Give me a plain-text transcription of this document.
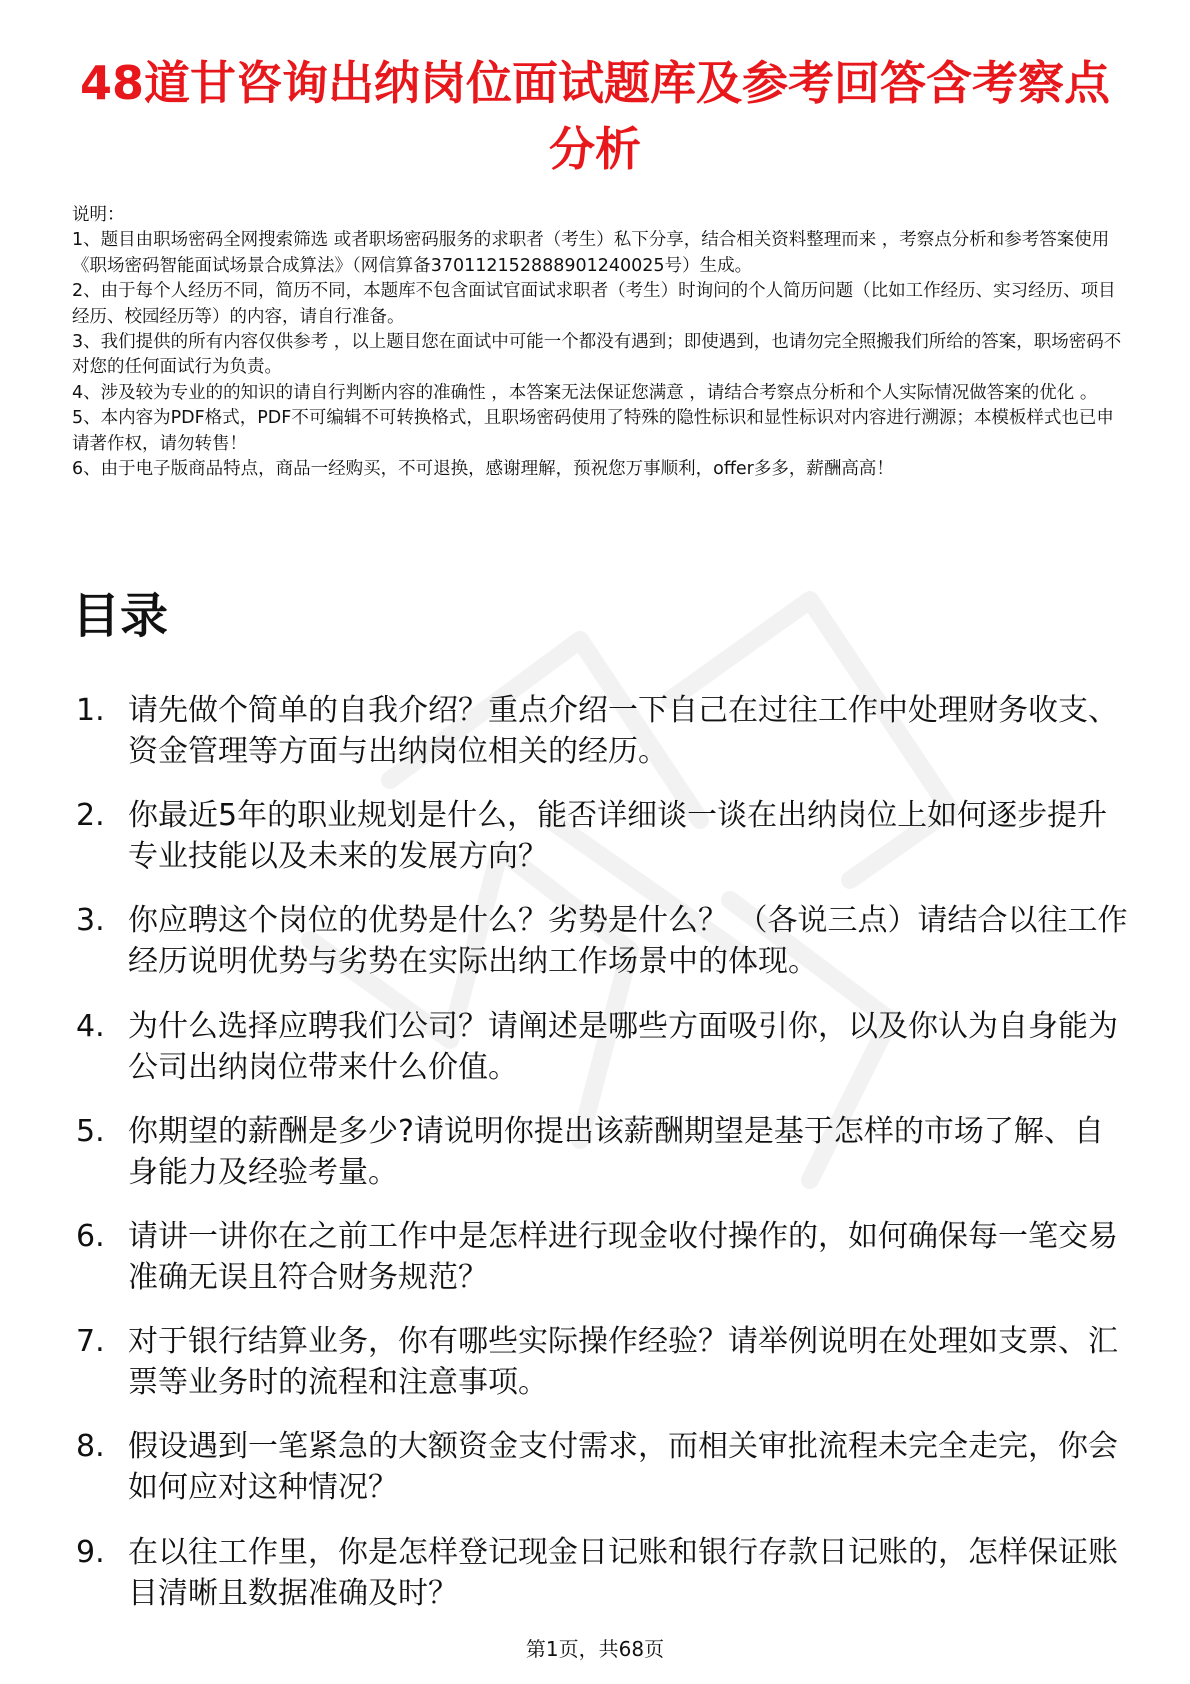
48道甘咨询出纳岗位面试题库及参考回答含考察点分析

说明：

1、题目由职场密码全网搜索筛选 或者职场密码服务的求职者（考生）私下分享，结合相关资料整理而来 ，考察点分析和参考答案使用《职场密码智能面试场景合成算法》（网信算备3701121528889012400​25号）生成。

2、由于每个人经历不同，简历不同，本题库不包含面试官面试求职者（考生）时询问的个人简历问题（比如工作经历、实习经历、项目经历、校园经历等）的内容，请自行准备。

3、我们提供的所有内容仅供参考 ，以上题目您在面试中可能一个都没有遇到；即使遇到，也请勿完全照搬我们所给的答案，职场密码不对您的任何面试行为负责。

4、涉及较为专业的的知识的请自行判断内容的准确性 ，本答案无法保证您满意 ，请结合考察点分析和个人实际情况做答案的优化 。

5、本内容为PDF格式，PDF不可编辑不可转换格式，且职场密码使用了特殊的隐性标识和显性标识对内容进行溯源；本模板样式也已申请著作权，请勿转售！

6、由于电子版商品特点，商品一经购买，不可退换，感谢理解，预祝您万事顺利，offer多多，薪酬高高！

目录
1. 请先做个简单的自我介绍？重点介绍一下自己在过往工作中处理财务收支、资金管理等方面与出纳岗位相关的经历。
2. 你最近5年的职业规划是什么，能否详细谈一谈在出纳岗位上如何逐步提升专业技能以及未来的发展方向？
3. 你应聘这个岗位的优势是什么？劣势是什么？ （各说三点）请结合以往工作经历说明优势与劣势在实际出纳工作场景中的体现。
4. 为什么选择应聘我们公司？请阐述是哪些方面吸引你，以及你认为自身能为公司出纳岗位带来什么价值。
5. 你期望的薪酬是多少?请说明你提出该薪酬期望是基于怎样的市场了解、自身能力及经验考量。
6. 请讲一讲你在之前工作中是怎样进行现金收付操作的，如何确保每一笔交易准确无误且符合财务规范？
7. 对于银行结算业务，你有哪些实际操作经验？请举例说明在处理如支票、汇票等业务时的流程和注意事项。
8. 假设遇到一笔紧急的大额资金支付需求，而相关审批流程未完全走完，你会如何应对这种情况？
9. 在以往工作里，你是怎样登记现金日记账和银行存款日记账的，怎样保证账目清晰且数据准确及时？
第1页，共68页
